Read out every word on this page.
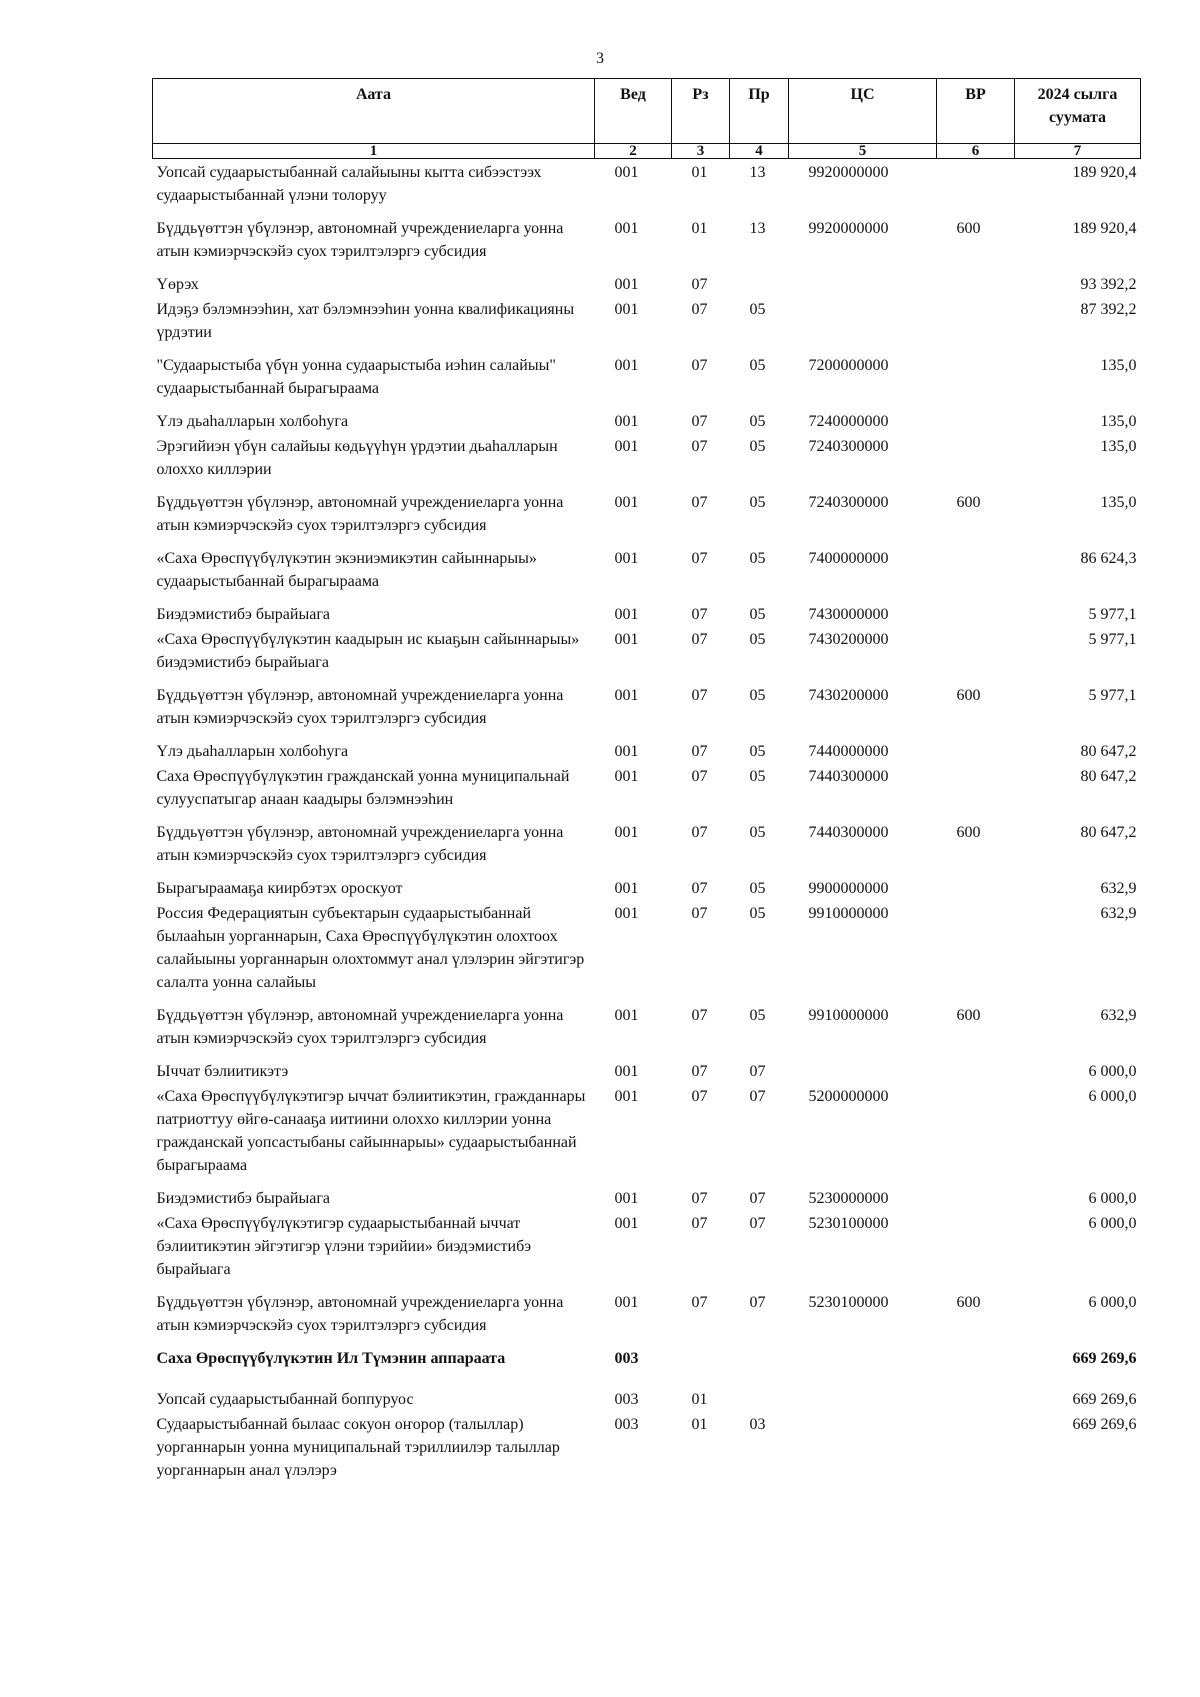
3
Аата	Вед	Рз	Пр	ЦС	ВР	2024 сылга суумата
1	2	3	4	5	6	7
Уопсай судаарыстыбаннай салайыыны кытта сибээстээх судаарыстыбаннай үлэни толоруу	001	01	13	9920000000		189 920,4
Бүддьүөттэн үбүлэнэр, автономнай учреждениеларга уонна атын кэмиэрчэскэйэ суох тэрилтэлэргэ субсидия	001	01	13	9920000000	600	189 920,4
Үөрэх	001	07				93 392,2
Идэҕэ бэлэмнээһин, хат бэлэмнээһин уонна квалификацияны үрдэтии	001	07	05			87 392,2
"Судаарыстыба үбүн уонна судаарыстыба иэһин салайыы" судаарыстыбаннай бырагыраама	001	07	05	7200000000		135,0
Үлэ дьаһалларын холбоһуга	001	07	05	7240000000		135,0
Эрэгийиэн үбүн салайыы көдьүүһүн үрдэтии дьаһалларын олоххо киллэрии	001	07	05	7240300000		135,0
Бүддьүөттэн үбүлэнэр, автономнай учреждениеларга уонна атын кэмиэрчэскэйэ суох тэрилтэлэргэ субсидия	001	07	05	7240300000	600	135,0
«Саха Өрөспүүбүлүкэтин экэниэмикэтин сайыннарыы» судаарыстыбаннай бырагыраама	001	07	05	7400000000		86 624,3
Биэдэмистибэ бырайыага	001	07	05	7430000000		5 977,1
«Саха Өрөспүүбүлүкэтин каадырын ис кыаҕын сайыннарыы» биэдэмистибэ бырайыага	001	07	05	7430200000		5 977,1
Бүддьүөттэн үбүлэнэр, автономнай учреждениеларга уонна атын кэмиэрчэскэйэ суох тэрилтэлэргэ субсидия	001	07	05	7430200000	600	5 977,1
Үлэ дьаһалларын холбоһуга	001	07	05	7440000000		80 647,2
Саха Өрөспүүбүлүкэтин гражданскай уонна муниципальнай сулууспатыгар анаан каадыры бэлэмнээһин	001	07	05	7440300000		80 647,2
Бүддьүөттэн үбүлэнэр, автономнай учреждениеларга уонна атын кэмиэрчэскэйэ суох тэрилтэлэргэ субсидия	001	07	05	7440300000	600	80 647,2
Бырагыраамаҕа киирбэтэх ороскуот	001	07	05	9900000000		632,9
Россия Федерациятын субъектарын судаарыстыбаннай былааһын уорганнарын, Саха Өрөспүүбүлүкэтин олохтоох салайыыны уорганнарын олохтоммут анал үлэлэрин эйгэтигэр салалта уонна салайыы	001	07	05	9910000000		632,9
Бүддьүөттэн үбүлэнэр, автономнай учреждениеларга уонна атын кэмиэрчэскэйэ суох тэрилтэлэргэ субсидия	001	07	05	9910000000	600	632,9
Ыччат бэлиитикэтэ	001	07	07			6 000,0
«Саха Өрөспүүбүлүкэтигэр ыччат бэлиитикэтин, гражданнары патриоттуу өйгө-санааҕа иитиини олоххо киллэрии уонна гражданскай уопсастыбаны сайыннарыы» судаарыстыбаннай бырагыраама	001	07	07	5200000000		6 000,0
Биэдэмистибэ бырайыага	001	07	07	5230000000		6 000,0
«Саха Өрөспүүбүлүкэтигэр судаарыстыбаннай ыччат бэлиитикэтин эйгэтигэр үлэни тэрийии» биэдэмистибэ бырайыага	001	07	07	5230100000		6 000,0
Бүддьүөттэн үбүлэнэр, автономнай учреждениеларга уонна атын кэмиэрчэскэйэ суох тэрилтэлэргэ субсидия	001	07	07	5230100000	600	6 000,0
Саха Өрөспүүбүлүкэтин Ил Түмэнин аппараата	003					669 269,6
Уопсай судаарыстыбаннай боппуруос	003	01				669 269,6
Судаарыстыбаннай былаас сокуон оҥорор (талыллар) уорганнарын уонна муниципальнай тэриллиилэр талыллар уорганнарын анал үлэлэрэ	003	01	03			669 269,6
